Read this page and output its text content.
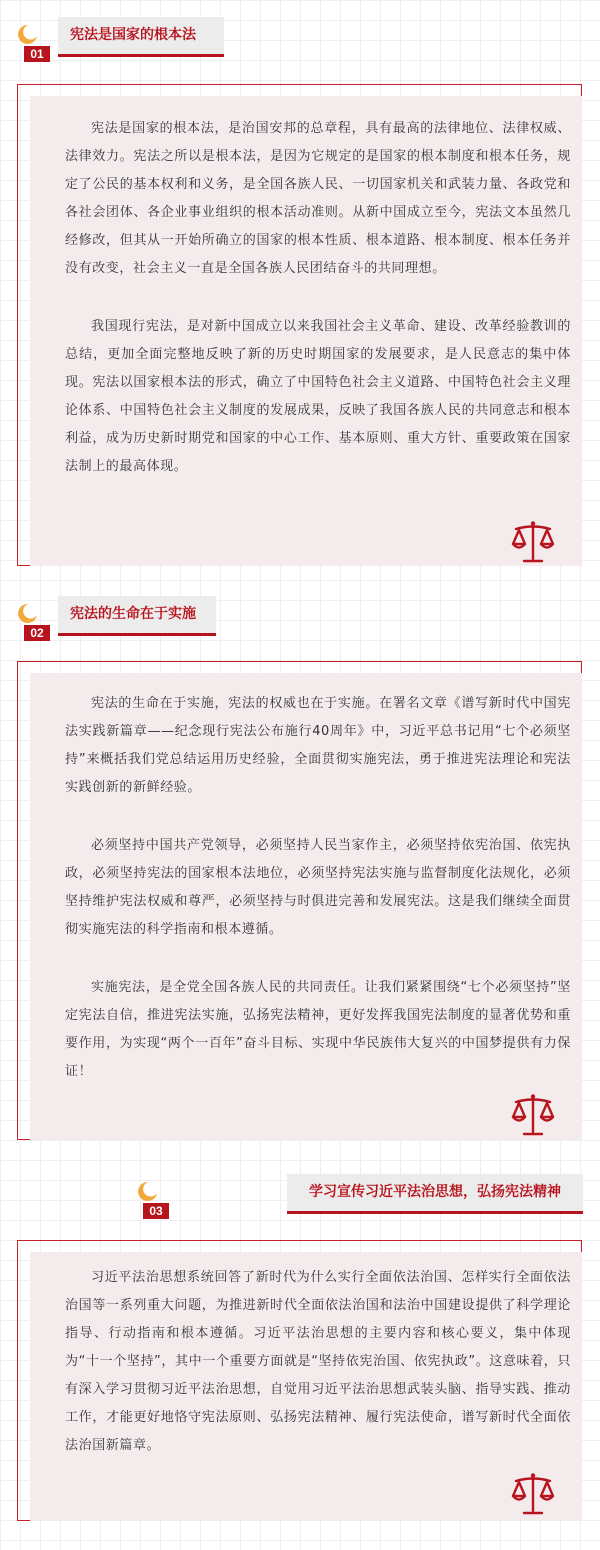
01
宪法是国家的根本法

宪法是国家的根本法，是治国安邦的总章程，具有最高的法律地位、法律权威、法律效力。宪法之所以是根本法，是因为它规定的是国家的根本制度和根本任务，规定了公民的基本权利和义务，是全国各族人民、一切国家机关和武装力量、各政党和各社会团体、各企业事业组织的根本活动准则。从新中国成立至今，宪法文本虽然几经修改，但其从一开始所确立的国家的根本性质、根本道路、根本制度、根本任务并没有改变，社会主义一直是全国各族人民团结奋斗的共同理想。

我国现行宪法，是对新中国成立以来我国社会主义革命、建设、改革经验教训的总结，更加全面完整地反映了新的历史时期国家的发展要求，是人民意志的集中体现。宪法以国家根本法的形式，确立了中国特色社会主义道路、中国特色社会主义理论体系、中国特色社会主义制度的发展成果，反映了我国各族人民的共同意志和根本利益，成为历史新时期党和国家的中心工作、基本原则、重大方针、重要政策在国家法制上的最高体现。

02
宪法的生命在于实施

宪法的生命在于实施，宪法的权威也在于实施。在署名文章《谱写新时代中国宪法实践新篇章——纪念现行宪法公布施行40周年》中，习近平总书记用“七个必须坚持”来概括我们党总结运用历史经验，全面贯彻实施宪法，勇于推进宪法理论和宪法实践创新的新鲜经验。

必须坚持中国共产党领导，必须坚持人民当家作主，必须坚持依宪治国、依宪执政，必须坚持宪法的国家根本法地位，必须坚持宪法实施与监督制度化法规化，必须坚持维护宪法权威和尊严，必须坚持与时俱进完善和发展宪法。这是我们继续全面贯彻实施宪法的科学指南和根本遵循。

实施宪法，是全党全国各族人民的共同责任。让我们紧紧围绕“七个必须坚持”坚定宪法自信，推进宪法实施，弘扬宪法精神，更好发挥我国宪法制度的显著优势和重要作用，为实现“两个一百年”奋斗目标、实现中华民族伟大复兴的中国梦提供有力保证！

03
学习宣传习近平法治思想，弘扬宪法精神

习近平法治思想系统回答了新时代为什么实行全面依法治国、怎样实行全面依法治国等一系列重大问题，为推进新时代全面依法治国和法治中国建设提供了科学理论指导、行动指南和根本遵循。习近平法治思想的主要内容和核心要义，集中体现为“十一个坚持”，其中一个重要方面就是“坚持依宪治国、依宪执政”。这意味着，只有深入学习贯彻习近平法治思想，自觉用习近平法治思想武装头脑、指导实践、推动工作，才能更好地恪守宪法原则、弘扬宪法精神、履行宪法使命，谱写新时代全面依法治国新篇章。
